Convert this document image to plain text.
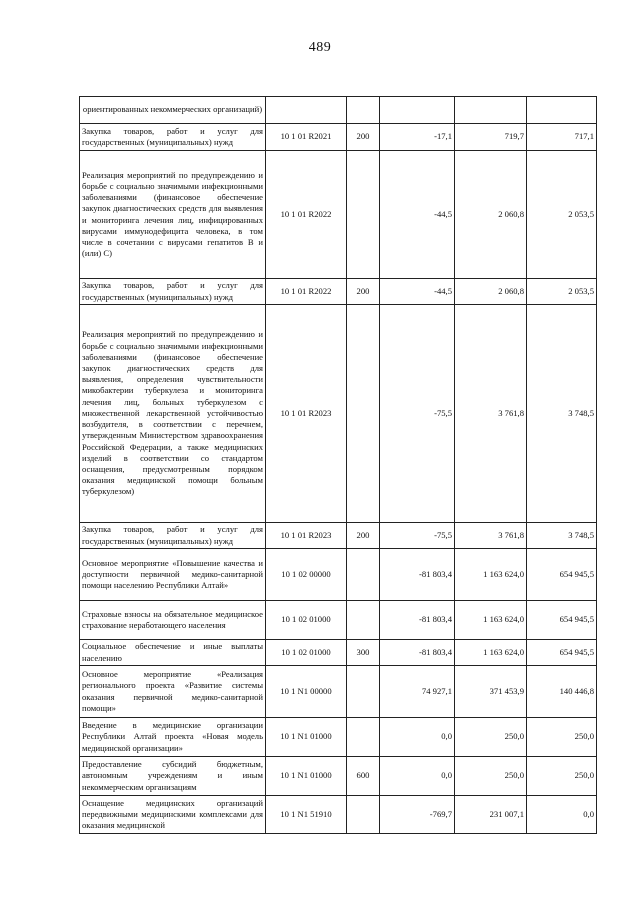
489
ориентированных некоммерческих организаций)					
Закупка товаров, работ и услуг для государственных (муниципальных) нужд	10 1 01 R2021	200	-17,1	719,7	717,1
Реализация мероприятий по предупреждению и борьбе с социально значимыми инфекционными заболеваниями (финансовое обеспечение закупок диагностических средств для выявления и мониторинга лечения лиц, инфицированных вирусами иммунодефицита человека, в том числе в сочетании с вирусами гепатитов В и (или) С)	10 1 01 R2022		-44,5	2 060,8	2 053,5
Закупка товаров, работ и услуг для государственных (муниципальных) нужд	10 1 01 R2022	200	-44,5	2 060,8	2 053,5
Реализация мероприятий по предупреждению и борьбе с социально значимыми инфекционными заболеваниями (финансовое обеспечение закупок диагностических средств для выявления, определения чувствительности микобактерии туберкулеза и мониторинга лечения лиц, больных туберкулезом с множественной лекарственной устойчивостью возбудителя, в соответствии с перечнем, утвержденным Министерством здравоохранения Российской Федерации, а также медицинских изделий в соответствии со стандартом оснащения, предусмотренным порядком оказания медицинской помощи больным туберкулезом)	10 1 01 R2023		-75,5	3 761,8	3 748,5
Закупка товаров, работ и услуг для государственных (муниципальных) нужд	10 1 01 R2023	200	-75,5	3 761,8	3 748,5
Основное мероприятие «Повышение качества и доступности первичной медико-санитарной помощи населению Республики Алтай»	10 1 02 00000		-81 803,4	1 163 624,0	654 945,5
Страховые взносы на обязательное медицинское страхование неработающего населения	10 1 02 01000		-81 803,4	1 163 624,0	654 945,5
Социальное обеспечение и иные выплаты населению	10 1 02 01000	300	-81 803,4	1 163 624,0	654 945,5
Основное мероприятие «Реализация регионального проекта «Развитие системы оказания первичной медико-санитарной помощи»	10 1 N1 00000		74 927,1	371 453,9	140 446,8
Введение в медицинские организации Республики Алтай проекта «Новая модель медицинской организации»	10 1 N1 01000		0,0	250,0	250,0
Предоставление субсидий бюджетным, автономным учреждениям и иным некоммерческим организациям	10 1 N1 01000	600	0,0	250,0	250,0
Оснащение медицинских организаций передвижными медицинскими комплексами для оказания медицинской	10 1 N1 51910		-769,7	231 007,1	0,0
